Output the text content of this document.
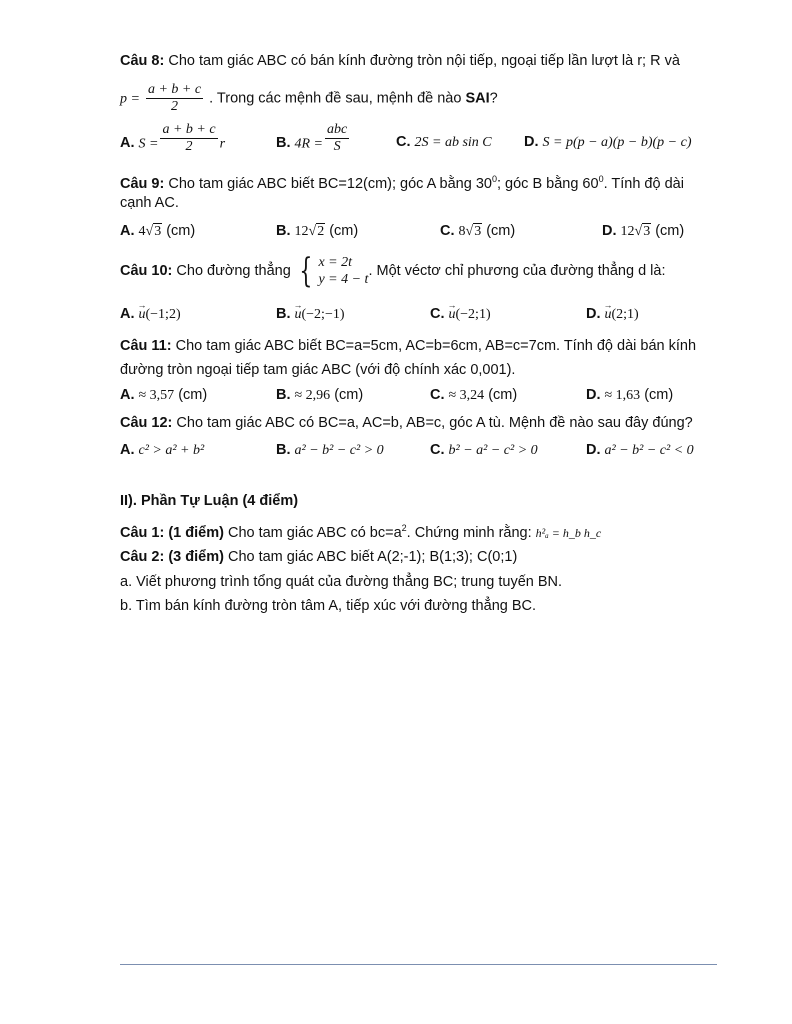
Câu 8: Cho tam giác ABC có bán kính đường tròn nội tiếp, ngoại tiếp lần lượt là r; R và
$p = \frac{a + b + c}{2}$ . Trong các mệnh đề sau, mệnh đề nào SAI?
A. $S = \frac{a + b + c}{2}$ r	B. $4R = \frac{\text{abc}}{S}$	C. 2S = ab sin C D. S = p(p − a)(p − b)(p − c)
Câu 9: Cho tam giác ABC biết BC=12(cm); góc A bằng $30^0$; góc B bằng $60^0$. Tính độ dài
cạnh AC.
A. 4√3 (cm)	B. 12√2 (cm)	C. 8√3 (cm)	D. 12√3 (cm)
Câu 10: Cho đường thẳng { x = 2t
y = 4 − t
. Một véctơ chỉ phương của đường thẳng d là:
A. → u(−1;2)	B. → u(−2;−1)	C. → u(−2;1)	D. → u(2;1)
Câu 11: Cho tam giác ABC biết BC=a=5cm, AC=b=6cm, AB=c=7cm. Tính độ dài bán kính
đường tròn ngoại tiếp tam giác ABC (với độ chính xác 0,001).
A. ≈ 3,57 (cm)	B. ≈ 2,96 (cm)	C. ≈ 3,24 (cm)	D. ≈ 1,63 (cm)
Câu 12: Cho tam giác ABC có BC=a, AC=b, AB=c, góc A tù. Mệnh đề nào sau đây đúng?
A. c² > a² + b²	B. a² − b² − c² > 0	C. b² − a² − c² > 0	D. a² − b² − c² < 0
II). Phần Tự Luận (4 điểm)
Câu 1: (1 điểm) Cho tam giác ABC có $bc=a^2$. Chứng minh rằng: h²ₐ = h_b h_c
Câu 2: (3 điểm) Cho tam giác ABC biết A(2;-1); B(1;3); C(0;1)
a. Viết phương trình tổng quát của đường thẳng BC; trung tuyến BN.
b. Tìm bán kính đường tròn tâm A, tiếp xúc với đường thẳng BC.
